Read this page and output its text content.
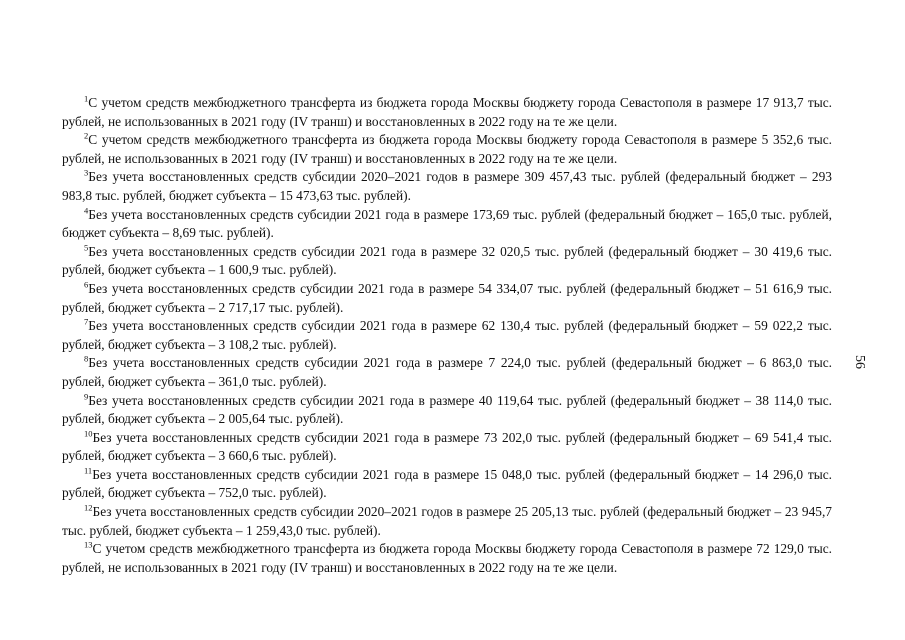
$^1$С учетом средств межбюджетного трансферта из бюджета города Москвы бюджету города Севастополя в размере 17 913,7 тыс. рублей, не использованных в 2021 году (IV транш) и восстановленных в 2022 году на те же цели.

$^2$С учетом средств межбюджетного трансферта из бюджета города Москвы бюджету города Севастополя в размере 5 352,6 тыс. рублей, не использованных в 2021 году (IV транш) и восстановленных в 2022 году на те же цели.

$^3$Без учета восстановленных средств субсидии 2020–2021 годов в размере 309 457,43 тыс. рублей (федеральный бюджет – 293 983,8 тыс. рублей, бюджет субъекта – 15 473,63 тыс. рублей).

$^4$Без учета восстановленных средств субсидии 2021 года в размере 173,69 тыс. рублей (федеральный бюджет – 165,0 тыс. рублей, бюджет субъекта – 8,69 тыс. рублей).

$^5$Без учета восстановленных средств субсидии 2021 года в размере 32 020,5 тыс. рублей (федеральный бюджет – 30 419,6 тыс. рублей, бюджет субъекта – 1 600,9 тыс. рублей).

$^6$Без учета восстановленных средств субсидии 2021 года в размере 54 334,07 тыс. рублей (федеральный бюджет – 51 616,9 тыс. рублей, бюджет субъекта – 2 717,17 тыс. рублей).

$^7$Без учета восстановленных средств субсидии 2021 года в размере 62 130,4 тыс. рублей (федеральный бюджет – 59 022,2 тыс. рублей, бюджет субъекта – 3 108,2 тыс. рублей).

$^8$Без учета восстановленных средств субсидии 2021 года в размере 7 224,0 тыс. рублей (федеральный бюджет – 6 863,0 тыс. рублей, бюджет субъекта – 361,0 тыс. рублей).

$^9$Без учета восстановленных средств субсидии 2021 года в размере 40 119,64 тыс. рублей (федеральный бюджет – 38 114,0 тыс. рублей, бюджет субъекта – 2 005,64 тыс. рублей).

$^{10}$Без учета восстановленных средств субсидии 2021 года в размере 73 202,0 тыс. рублей (федеральный бюджет – 69 541,4 тыс. рублей, бюджет субъекта – 3 660,6 тыс. рублей).

$^{11}$Без учета восстановленных средств субсидии 2021 года в размере 15 048,0 тыс. рублей (федеральный бюджет – 14 296,0 тыс. рублей, бюджет субъекта – 752,0 тыс. рублей).

$^{12}$Без учета восстановленных средств субсидии 2020–2021 годов в размере 25 205,13 тыс. рублей (федеральный бюджет – 23 945,7 тыс. рублей, бюджет субъекта – 1 259,43,0 тыс. рублей).

$^{13}$С учетом средств межбюджетного трансферта из бюджета города Москвы бюджету города Севастополя в размере 72 129,0 тыс. рублей, не использованных в 2021 году (IV транш) и восстановленных в 2022 году на те же цели.

56
